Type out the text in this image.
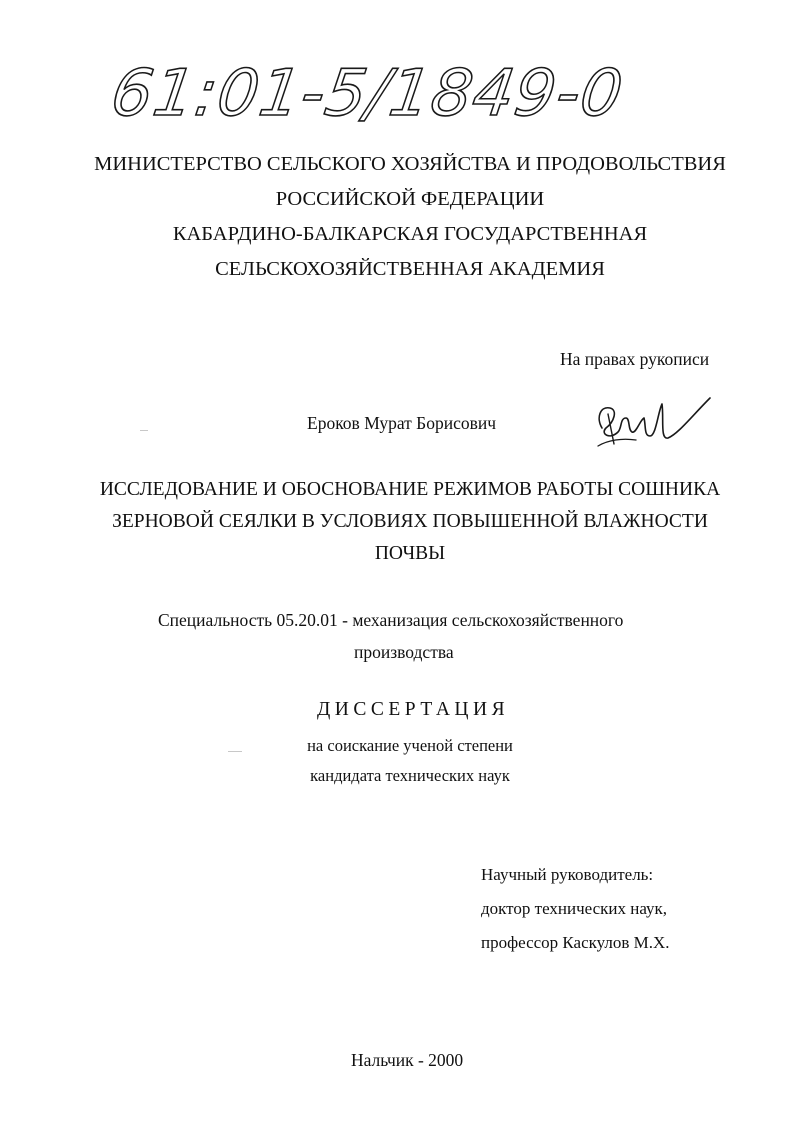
61:01-5/1849-0
МИНИСТЕРСТВО СЕЛЬСКОГО ХОЗЯЙСТВА И ПРОДОВОЛЬСТВИЯ
РОССИЙСКОЙ ФЕДЕРАЦИИ
КАБАРДИНО-БАЛКАРСКАЯ ГОСУДАРСТВЕННАЯ
СЕЛЬСКОХОЗЯЙСТВЕННАЯ АКАДЕМИЯ
На правах рукописи
Ероков Мурат Борисович
ИССЛЕДОВАНИЕ И ОБОСНОВАНИЕ РЕЖИМОВ РАБОТЫ СОШНИКА
ЗЕРНОВОЙ СЕЯЛКИ В УСЛОВИЯХ ПОВЫШЕННОЙ ВЛАЖНОСТИ
ПОЧВЫ
Специальность 05.20.01 - механизация сельскохозяйственного
производства
ДИССЕРТАЦИЯ
на соискание ученой степени
кандидата технических наук
Научный руководитель:
доктор технических наук,
профессор Каскулов М.Х.
Нальчик - 2000
